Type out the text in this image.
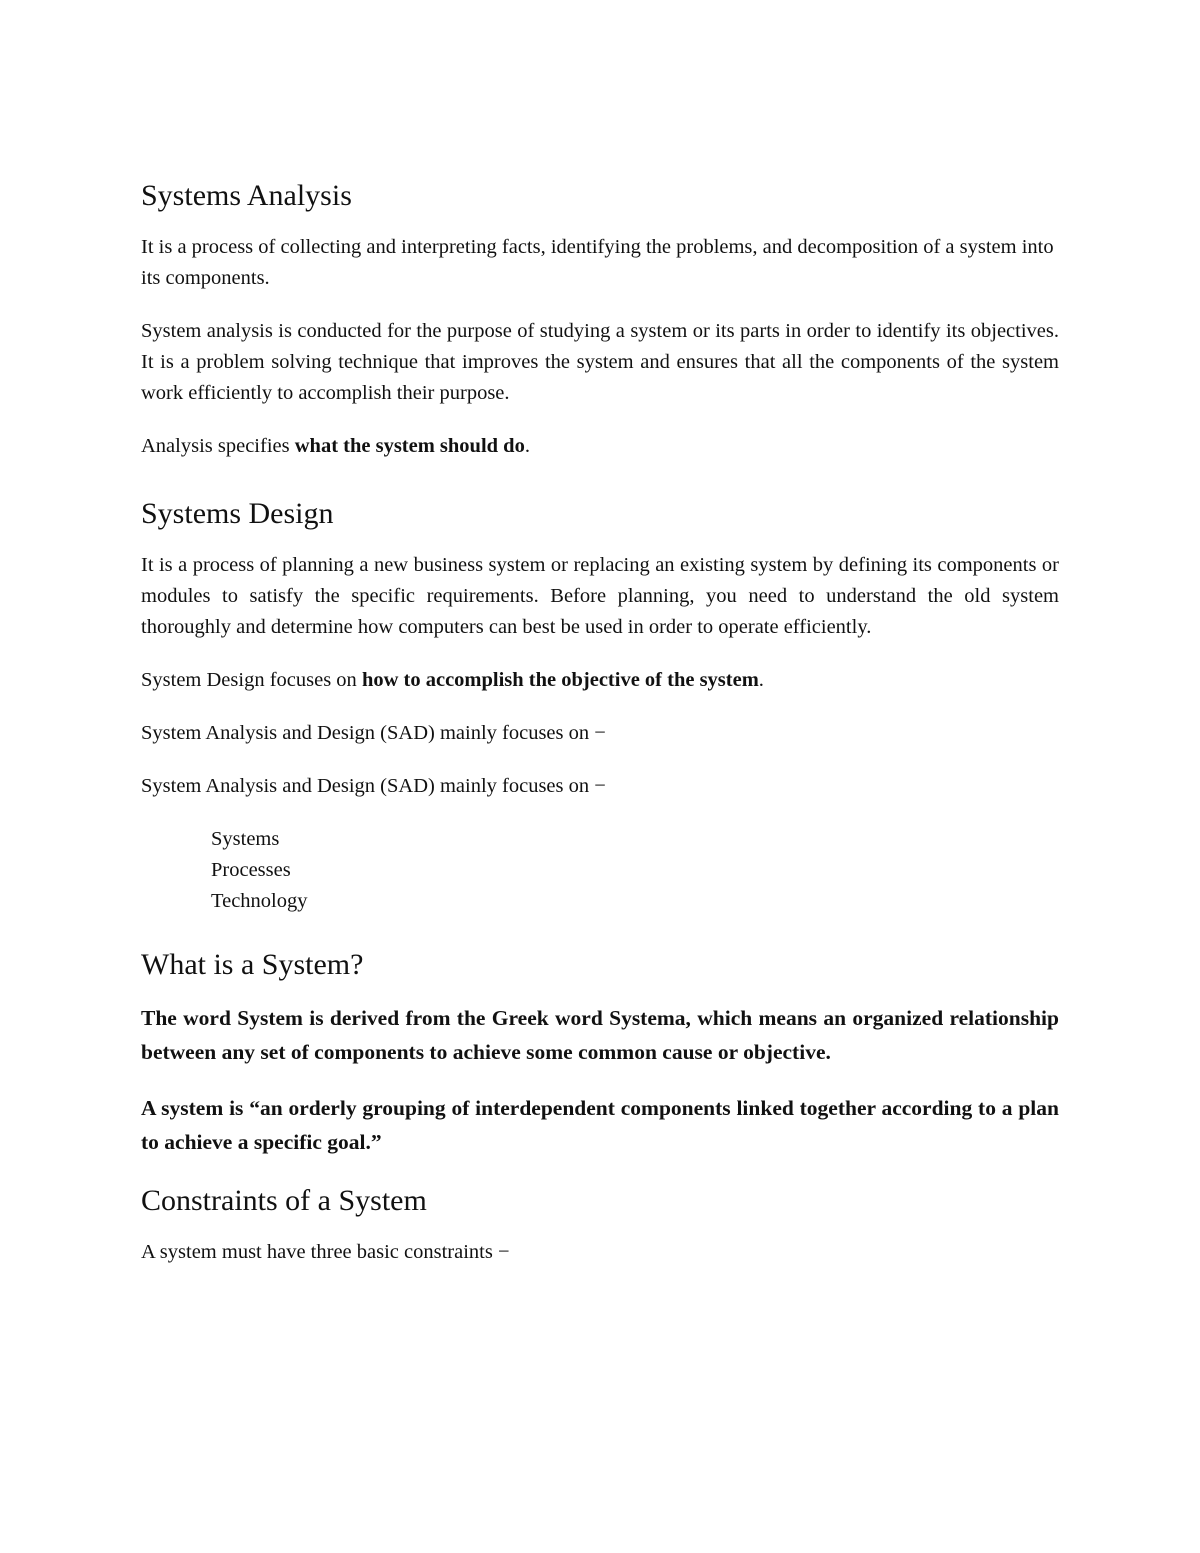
Systems Analysis

It is a process of collecting and interpreting facts, identifying the problems, and decomposition of a system into its components.

System analysis is conducted for the purpose of studying a system or its parts in order to identify its objectives. It is a problem solving technique that improves the system and ensures that all the components of the system work efficiently to accomplish their purpose.

Analysis specifies what the system should do.

Systems Design

It is a process of planning a new business system or replacing an existing system by defining its components or modules to satisfy the specific requirements. Before planning, you need to understand the old system thoroughly and determine how computers can best be used in order to operate efficiently.

System Design focuses on how to accomplish the objective of the system.

System Analysis and Design (SAD) mainly focuses on −

System Analysis and Design (SAD) mainly focuses on −

Systems
Processes
Technology
What is a System?

The word System is derived from the Greek word Systema, which means an organized relationship between any set of components to achieve some common cause or objective.

A system is “an orderly grouping of interdependent components linked together according to a plan to achieve a specific goal.”

Constraints of a System

A system must have three basic constraints −
